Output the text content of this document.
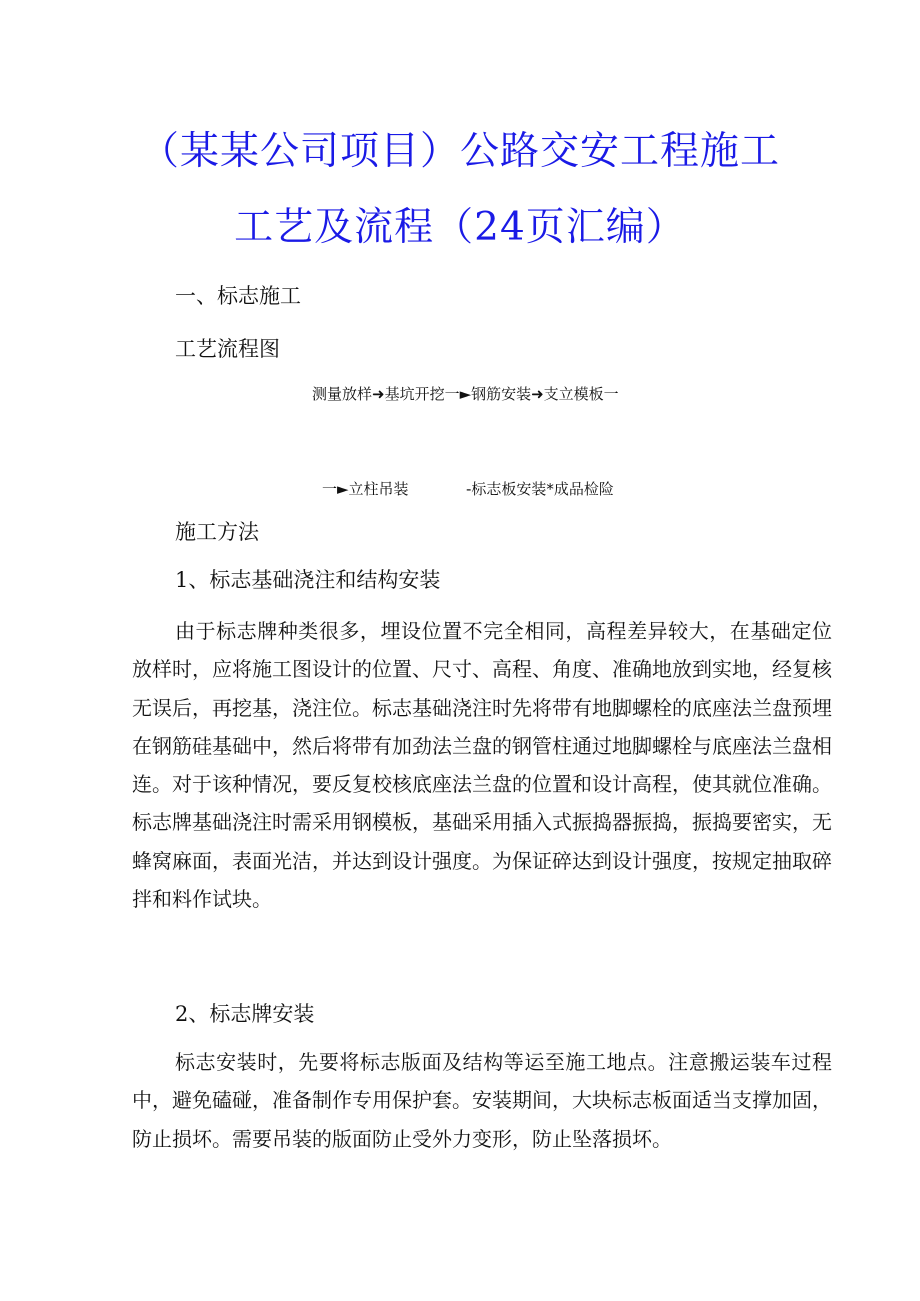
（某某公司项目）公路交安工程施工
工艺及流程（24页汇编）
一、标志施工
工艺流程图
测量放样➜基坑开挖一►钢筋安装➜支立模板一
一►立柱吊装	-标志板安装*成品检险
施工方法
1、标志基础浇注和结构安装

由于标志牌种类很多，埋设位置不完全相同，高程差异较大，在基础定位放样时，应将施工图设计的位置、尺寸、高程、角度、准确地放到实地，经复核无误后，再挖基，浇注位。标志基础浇注时先将带有地脚螺栓的底座法兰盘预埋在钢筋硅基础中，然后将带有加劲法兰盘的钢管柱通过地脚螺栓与底座法兰盘相连。对于该种情况，要反复校核底座法兰盘的位置和设计高程，使其就位准确。标志牌基础浇注时需采用钢模板，基础采用插入式振捣器振捣，振捣要密实，无蜂窝麻面，表面光洁，并达到设计强度。为保证碎达到设计强度，按规定抽取碎拌和料作试块。

2、标志牌安装

标志安装时，先要将标志版面及结构等运至施工地点。注意搬运装车过程中，避免磕碰，准备制作专用保护套。安装期间，大块标志板面适当支撑加固，防止损坏。需要吊装的版面防止受外力变形，防止坠落损坏。
